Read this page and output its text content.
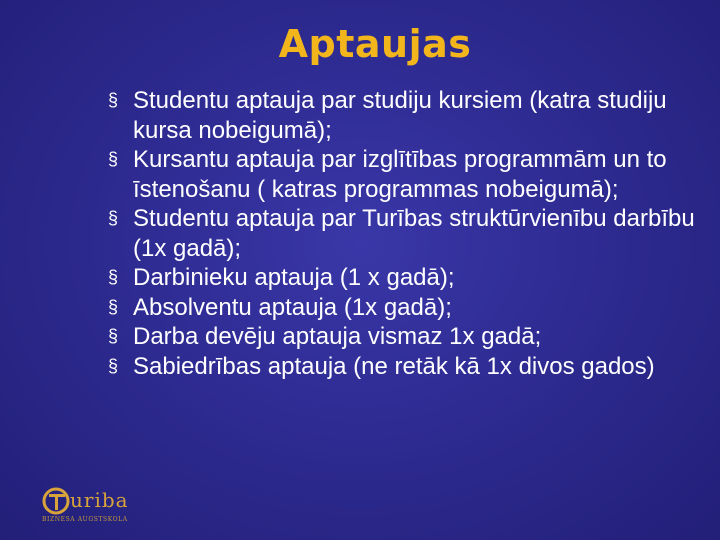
Aptaujas
§ Studentu aptauja par studiju kursiem (katra studiju kursa nobeigumā);
§ Kursantu aptauja par izglītības programmām un to īstenošanu ( katras programmas nobeigumā);
§ Studentu aptauja par Turības struktūrvienību darbību (1x gadā);
§ Darbinieku aptauja (1 x gadā);
§ Absolventu aptauja (1x gadā);
§ Darba devēju aptauja vismaz 1x gadā;
§ Sabiedrības aptauja (ne retāk kā 1x divos gados)
uriba
BIZNESA AUGSTSKOLA
